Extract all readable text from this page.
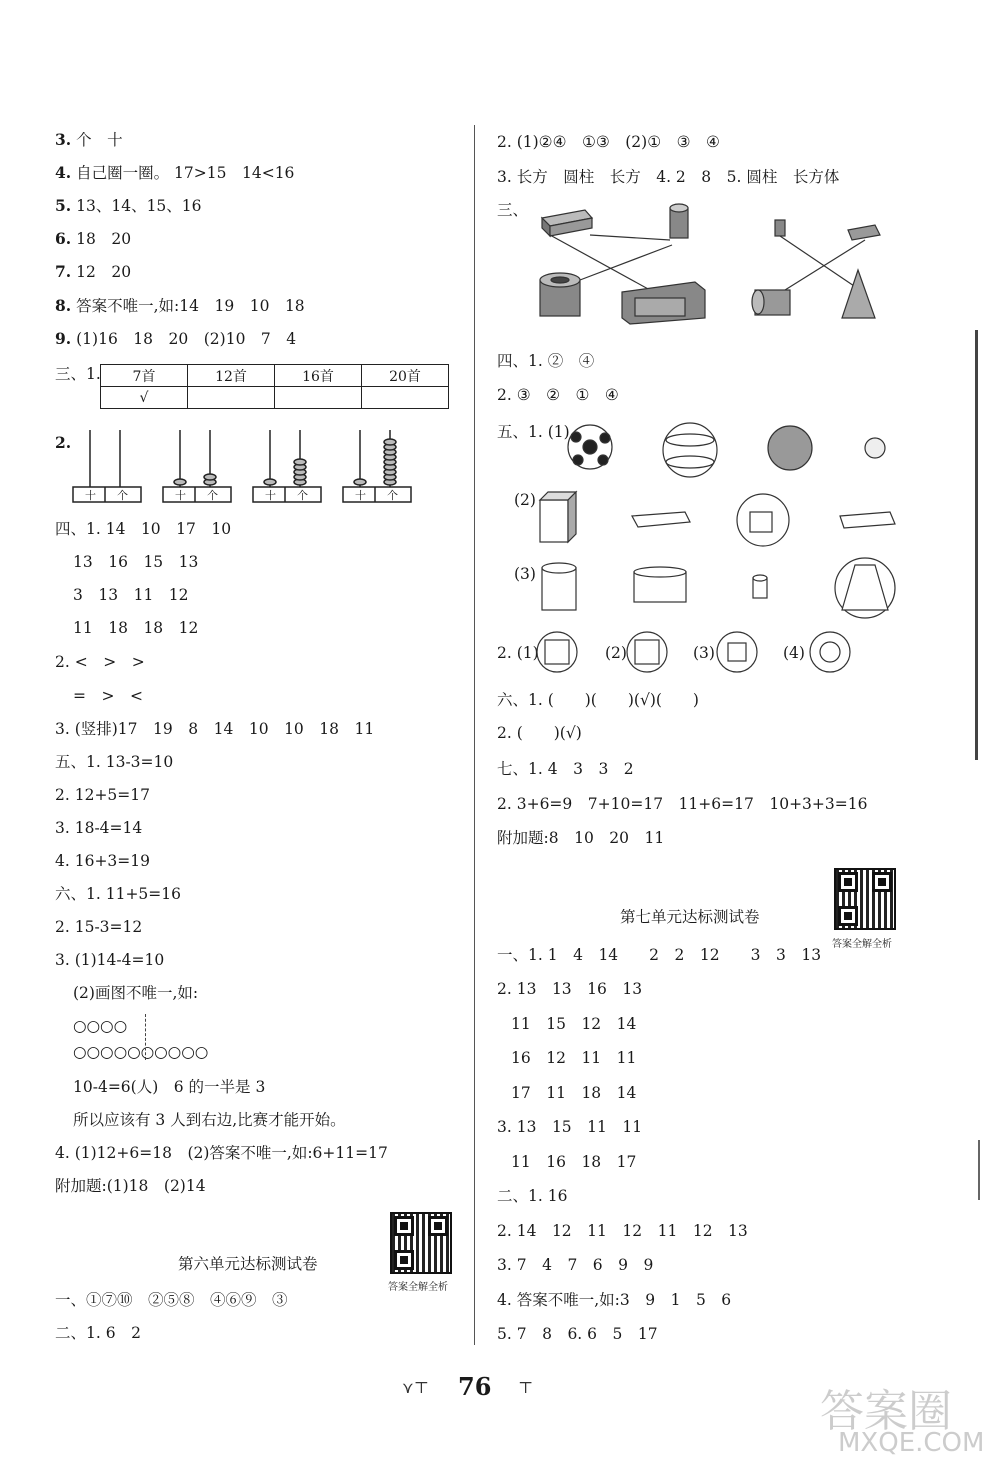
3. 个　十
4. 自己圈一圈。 17>15　14<16
5. 13、14、15、16
6. 18　20
7. 12　20
8. 答案不唯一,如:14　19　10　18
9. (1)16　18　20　(2)10　7　4
三、1. 7首	12首	16首	20首
√			
2.
十 个	十 个	十 个	十 个
四、1. 14　10　17　10
13　16　15　13
3　13　11　12
11　18　18　12
2. <　>　>
=　>　<
3. (竖排)17　19　8　14　10　10　18　11
五、1. 13-3=10
2. 12+5=17
3. 18-4=14
4. 16+3=19
六、1. 11+5=16
2. 15-3=12
3. (1)14-4=10
(2)画图不唯一,如:
○○○○
○○○○○○○○○○
10-4=6(人)　6 的一半是 3
所以应该有 3 人到右边,比赛才能开始。
4. (1)12+6=18　(2)答案不唯一,如:6+11=17
附加题:(1)18　(2)14
答案全解全析
第六单元达标测试卷
一、①⑦⑩　②⑤⑧　④⑥⑨　③
二、1. 6　2
2. (1)②④　①③　(2)①　③　④
3. 长方　圆柱　长方　4. 2　8　5. 圆柱　长方体
三、
四、1. ②　④
2. ③　②　①　④
五、1. (1)
(2)
(3)
2. (1)	(2)	(3)	(4)
六、1. (　　)(　　)(√)(　　)
2. (　　)(√)
七、1. 4　3　3　2
2. 3+6=9　7+10=17　11+6=17　10+3+3=16
附加题:8　10　20　11
答案全解全析
第七单元达标测试卷
一、1. 1　4　14　　2　2　12　　3　3　13
2. 13　13　16　13
11　15　12　14
16　12　11　11
17　11　18　14
3. 13　15　11　11
11　16　18　17
二、1. 16
2. 14　12　11　12　11　12　13
3. 7　4　7　6　9　9
4. 答案不唯一,如:3　9　1　5　6
5. 7　8　6. 6　5　17
⋎⊤ 76 ⊤	答案圈
MXQE.COM
